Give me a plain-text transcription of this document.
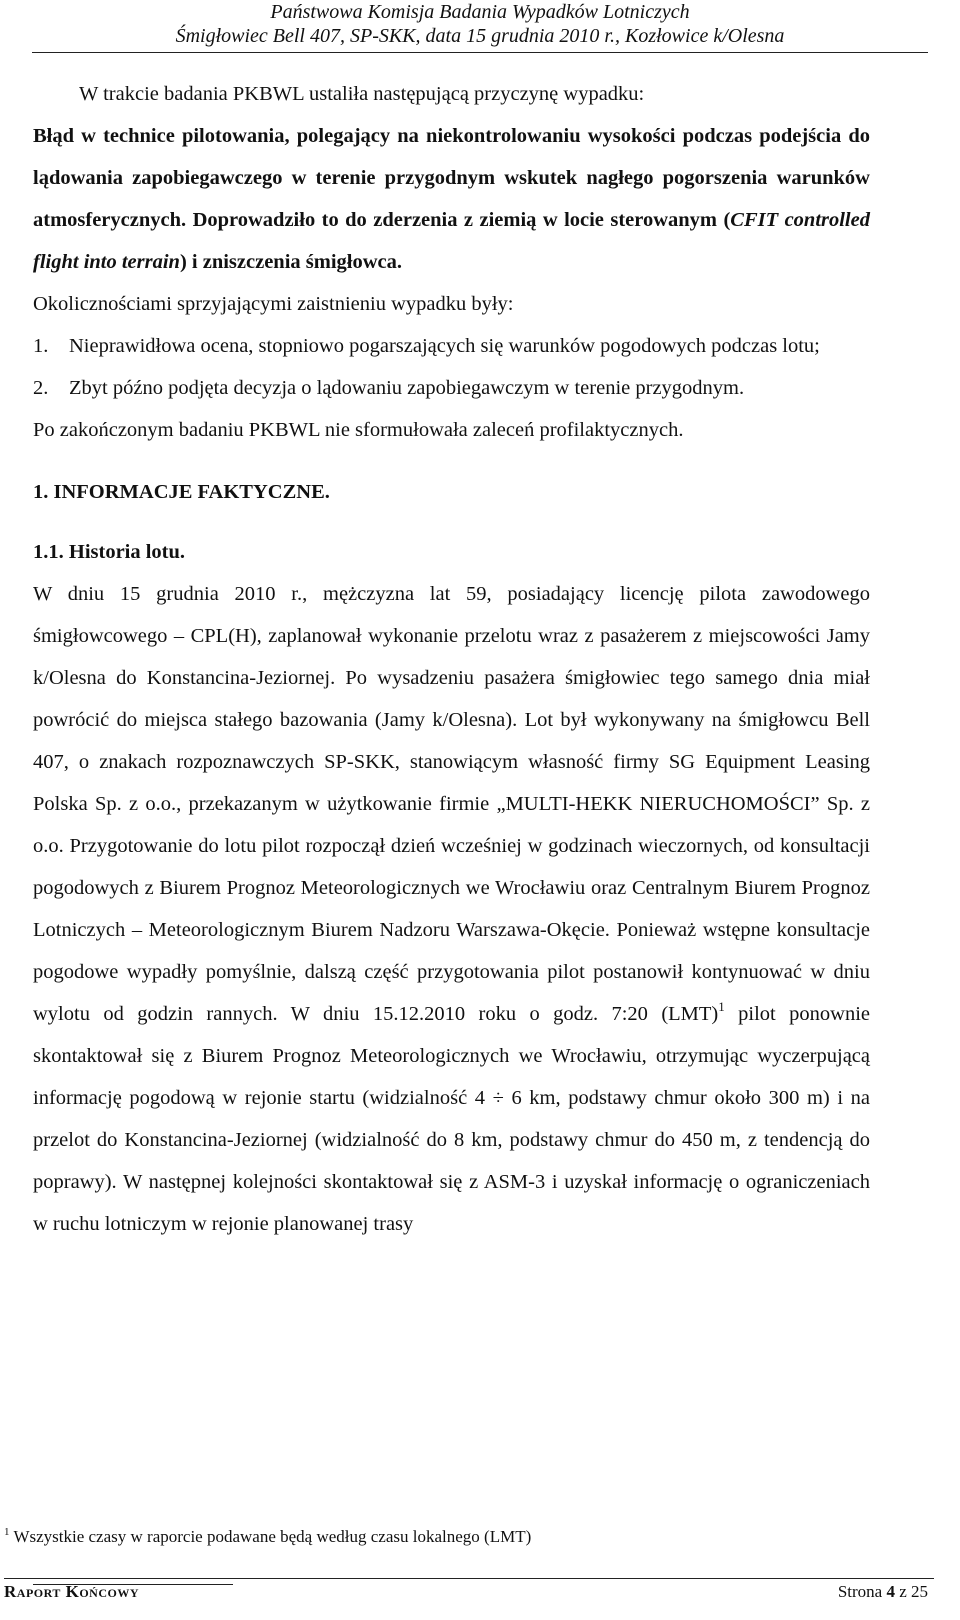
Państwowa Komisja Badania Wypadków Lotniczych
Śmigłowiec Bell 407, SP-SKK, data 15 grudnia 2010 r., Kozłowice k/Olesna

W trakcie badania PKBWL ustaliła następującą przyczynę wypadku:

Błąd w technice pilotowania, polegający na niekontrolowaniu wysokości podczas podejścia do lądowania zapobiegawczego w terenie przygodnym wskutek nagłego pogorszenia warunków atmosferycznych. Doprowadziło to do zderzenia z ziemią w locie sterowanym (CFIT controlled flight into terrain) i zniszczenia śmigłowca.

Okolicznościami sprzyjającymi zaistnieniu wypadku były:

1.	Nieprawidłowa ocena, stopniowo pogarszających się warunków pogodowych podczas lotu;
2.	Zbyt późno podjęta decyzja o lądowaniu zapobiegawczym w terenie przygodnym.

Po zakończonym badaniu PKBWL nie sformułowała zaleceń profilaktycznych.

1. INFORMACJE FAKTYCZNE.
1.1. Historia lotu.

W dniu 15 grudnia 2010 r., mężczyzna lat 59, posiadający licencję pilota zawodowego śmigłowcowego – CPL(H), zaplanował wykonanie przelotu wraz z pasażerem z miejscowości Jamy k/Olesna do Konstancina-Jeziornej. Po wysadzeniu pasażera śmigłowiec tego samego dnia miał powrócić do miejsca stałego bazowania (Jamy k/Olesna). Lot był wykonywany na śmigłowcu Bell 407, o znakach rozpoznawczych SP-SKK, stanowiącym własność firmy SG Equipment Leasing Polska Sp. z o.o., przekazanym w użytkowanie firmie „MULTI-HEKK NIERUCHOMOŚCI” Sp. z o.o. Przygotowanie do lotu pilot rozpoczął dzień wcześniej w godzinach wieczornych, od konsultacji pogodowych z Biurem Prognoz Meteorologicznych we Wrocławiu oraz Centralnym Biurem Prognoz Lotniczych – Meteorologicznym Biurem Nadzoru Warszawa-Okęcie. Ponieważ wstępne konsultacje pogodowe wypadły pomyślnie, dalszą część przygotowania pilot postanowił kontynuować w dniu wylotu od godzin rannych. W dniu 15.12.2010 roku o godz. 7:20 (LMT)$^1$ pilot ponownie skontaktował się z Biurem Prognoz Meteorologicznych we Wrocławiu, otrzymując wyczerpującą informację pogodową w rejonie startu (widzialność 4 ÷ 6 km, podstawy chmur około 300 m) i na przelot do Konstancina-Jeziornej (widzialność do 8 km, podstawy chmur do 450 m, z tendencją do poprawy). W następnej kolejności skontaktował się z ASM-3 i uzyskał informację o ograniczeniach w ruchu lotniczym w rejonie planowanej trasy

$^1$ Wszystkie czasy w raporcie podawane będą według czasu lokalnego (LMT)
Raport Końcowy	Strona 4 z 25
